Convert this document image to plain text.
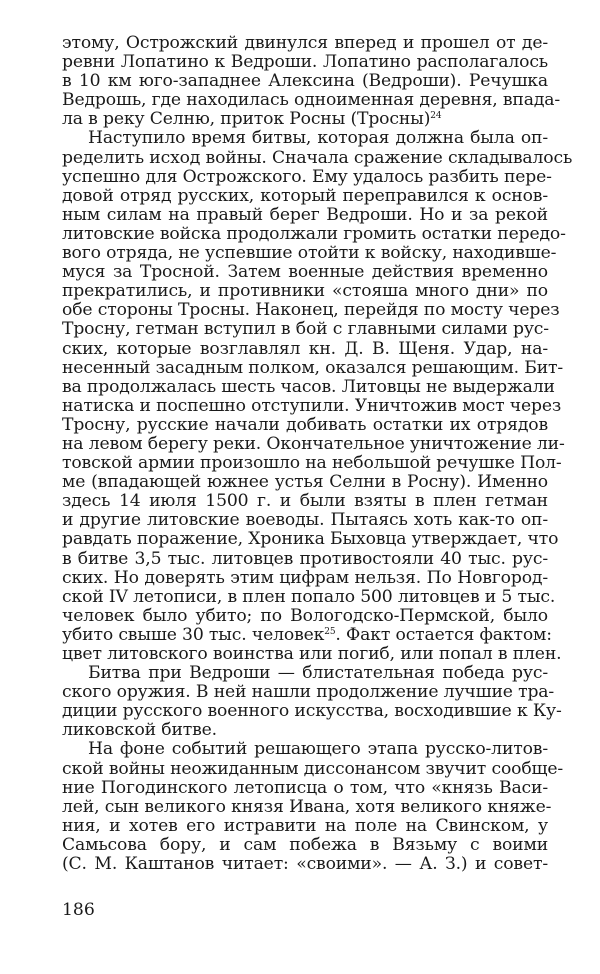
этому, Острожский двинулся вперед и прошел от де-
ревни Лопатино к Ведроши. Лопатино располагалось
в 10 км юго-западнее Алексина (Ведроши). Речушка
Ведрошь, где находилась одноименная деревня, впада-
ла в реку Селню, приток Росны (Тросны)$^{24}$
Наступило время битвы, которая должна была оп-
ределить исход войны. Сначала сражение складывалось
успешно для Острожского. Ему удалось разбить пере-
довой отряд русских, который переправился к основ-
ным силам на правый берег Ведроши. Но и за рекой
литовские войска продолжали громить остатки передо-
вого отряда, не успевшие отойти к войску, находивше-
муся за Тросной. Затем военные действия временно
прекратились, и противники «стояша много дни» по
обе стороны Тросны. Наконец, перейдя по мосту через
Тросну, гетман вступил в бой с главными силами рус-
ских, которые возглавлял кн. Д. В. Щеня. Удар, на-
несенный засадным полком, оказался решающим. Бит-
ва продолжалась шесть часов. Литовцы не выдержали
натиска и поспешно отступили. Уничтожив мост через
Тросну, русские начали добивать остатки их отрядов
на левом берегу реки. Окончательное уничтожение ли-
товской армии произошло на небольшой речушке Пол-
ме (впадающей южнее устья Селни в Росну). Именно
здесь 14 июля 1500 г. и были взяты в плен гетман
и другие литовские воеводы. Пытаясь хоть как-то оп-
равдать поражение, Хроника Быховца утверждает, что
в битве 3,5 тыс. литовцев противостояли 40 тыс. рус-
ских. Но доверять этим цифрам нельзя. По Новгород-
ской IV летописи, в плен попало 500 литовцев и 5 тыс.
человек было убито; по Вологодско-Пермской, было
убито свыше 30 тыс. человек$^{25}$. Факт остается фактом:
цвет литовского воинства или погиб, или попал в плен.
Битва при Ведроши — блистательная победа рус-
ского оружия. В ней нашли продолжение лучшие тра-
диции русского военного искусства, восходившие к Ку-
ликовской битве.
На фоне событий решающего этапа русско-литов-
ской войны неожиданным диссонансом звучит сообще-
ние Погодинского летописца о том, что «князь Васи-
лей, сын великого князя Ивана, хотя великого княже-
ния, и хотев его истравити на поле на Свинском, у
Самьсова бору, и сам побежа в Вязьму с воими
(С. М. Каштанов читает: «своими». — А. З.) и совет-
186
